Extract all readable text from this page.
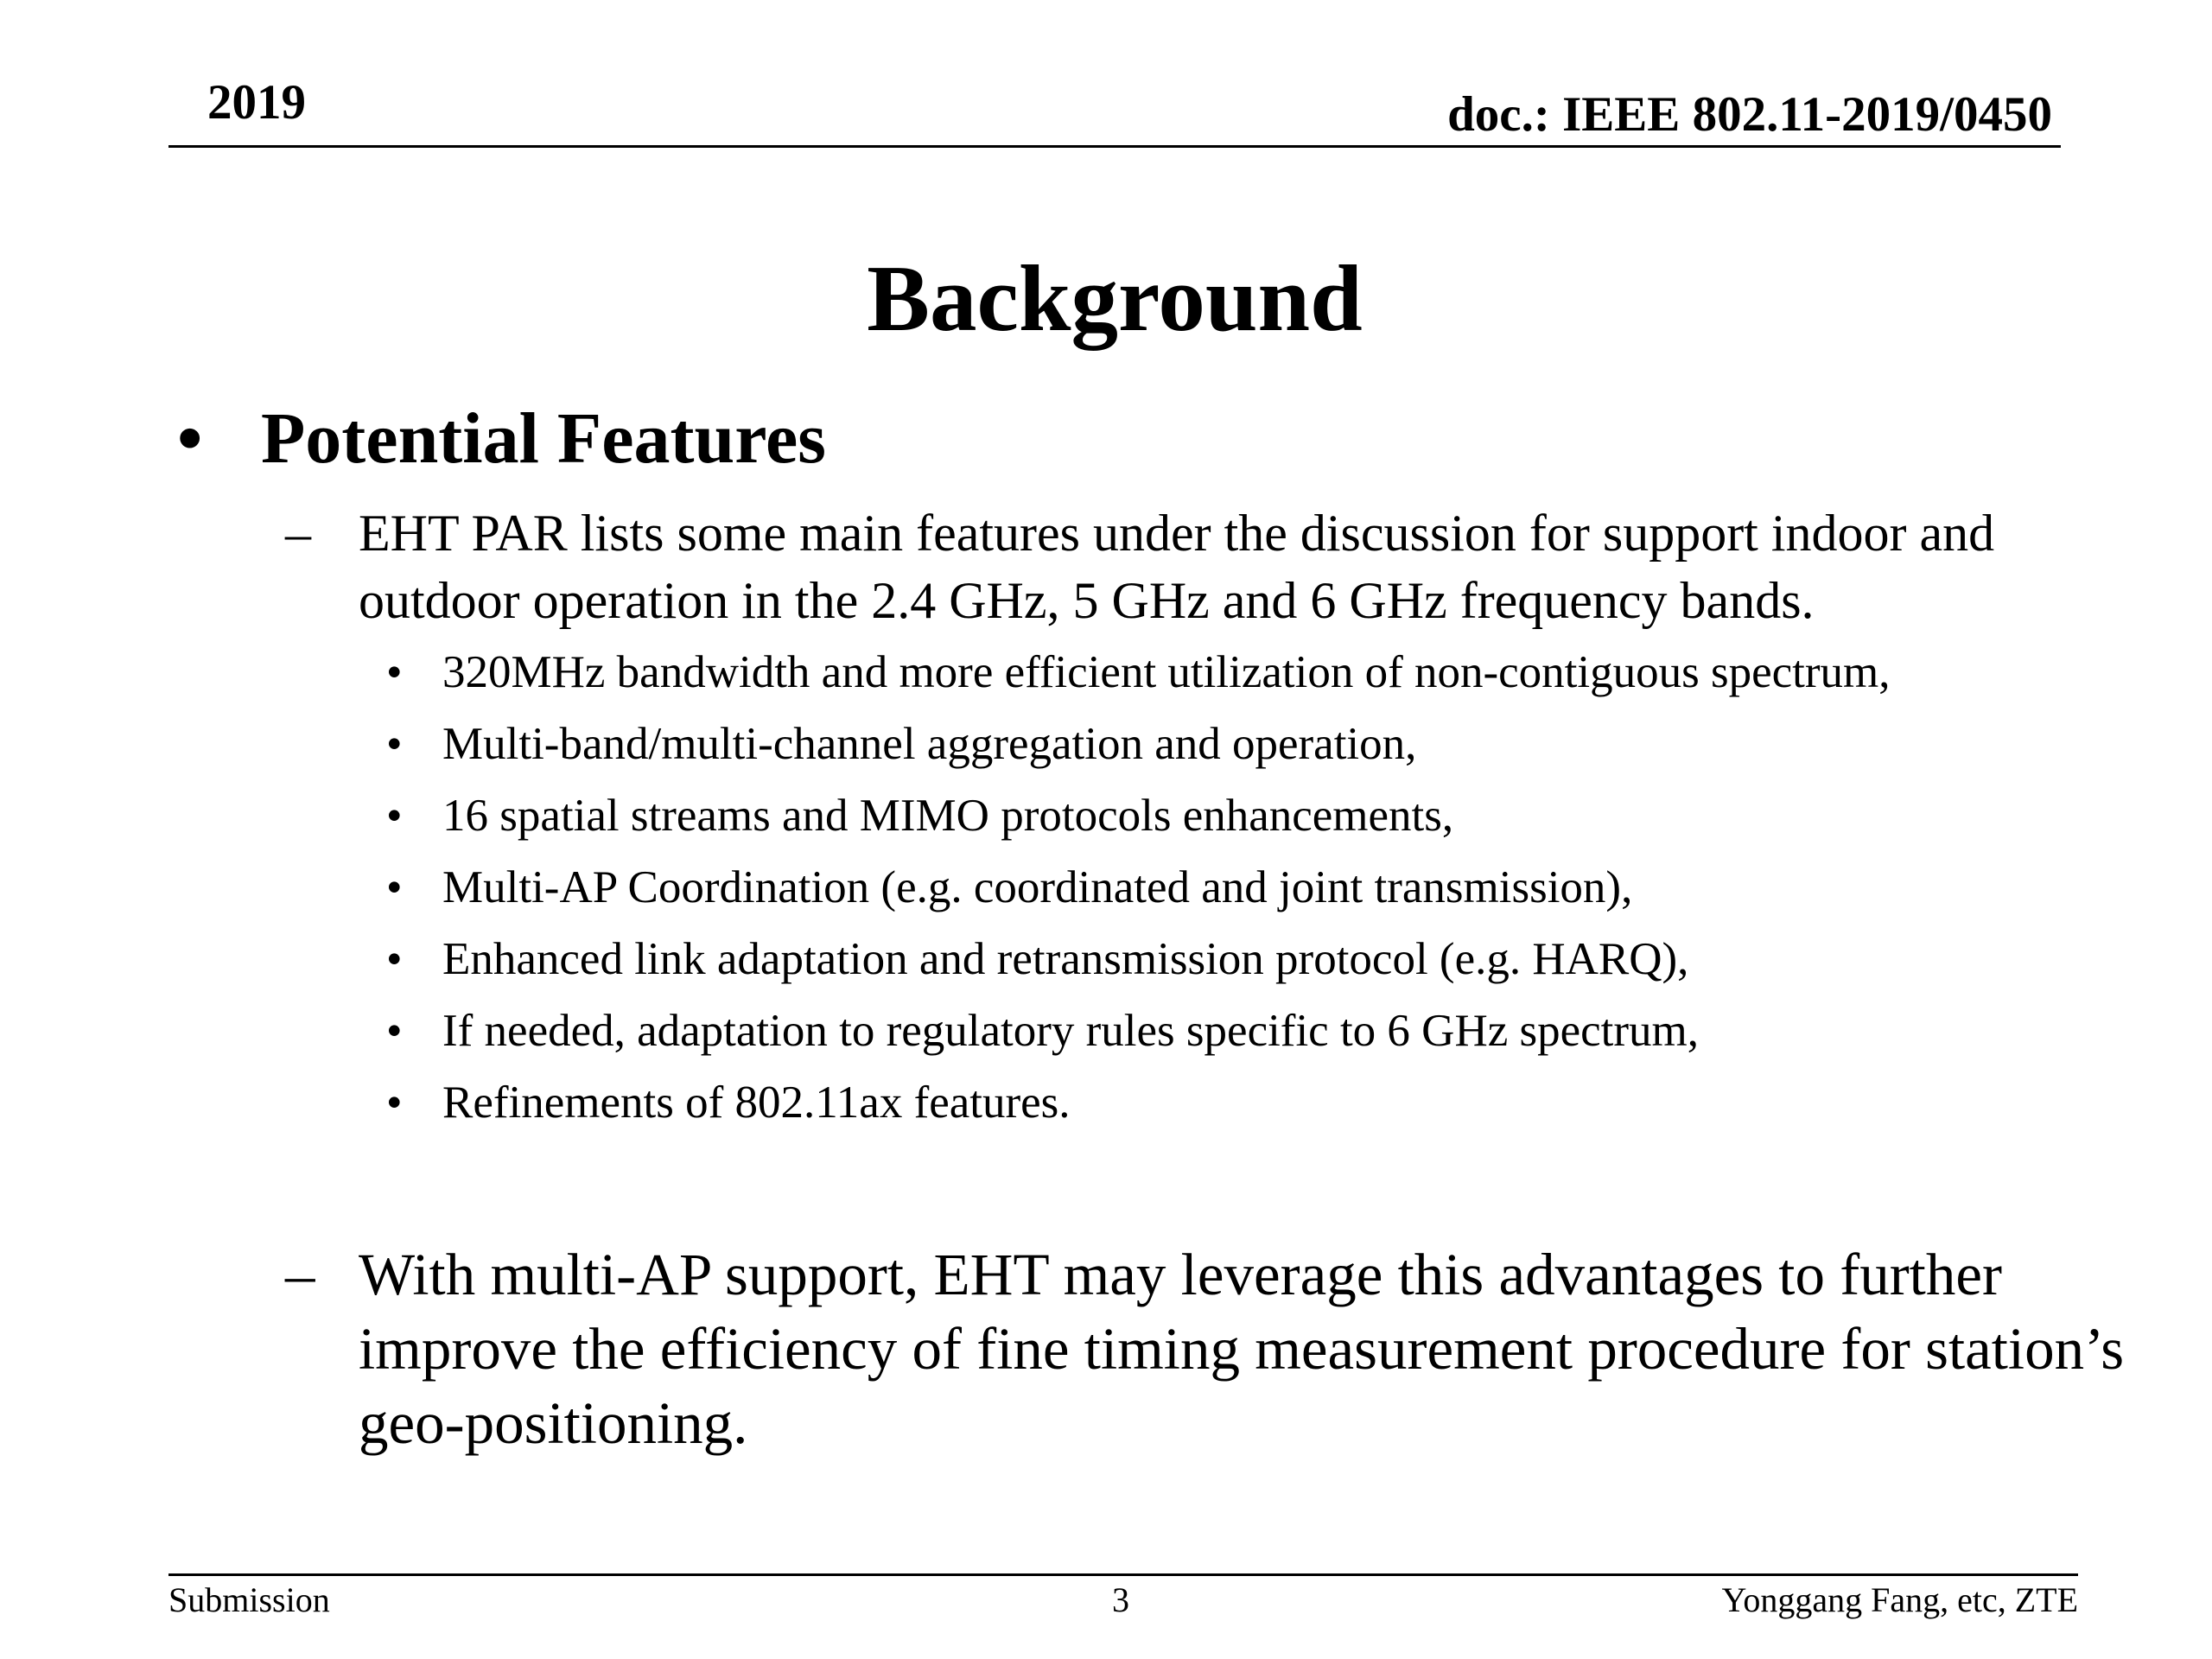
2019	doc.: IEEE 802.11-2019/0450
Background
• Potential Features
– EHT PAR lists some main features under the discussion for support indoor and outdoor operation in the 2.4 GHz, 5 GHz and 6 GHz frequency bands.
• 320MHz bandwidth and more efficient utilization of non-contiguous spectrum,
• Multi-band/multi-channel aggregation and operation,
• 16 spatial streams and MIMO protocols enhancements,
• Multi-AP Coordination (e.g. coordinated and joint transmission),
• Enhanced link adaptation and retransmission protocol (e.g. HARQ),
• If needed, adaptation to regulatory rules specific to 6 GHz spectrum,
• Refinements of 802.11ax features.
– With multi-AP support, EHT may leverage this advantages to further improve the efficiency of fine timing measurement procedure for station’s geo-positioning.
Submission	3	Yonggang Fang, etc, ZTE
